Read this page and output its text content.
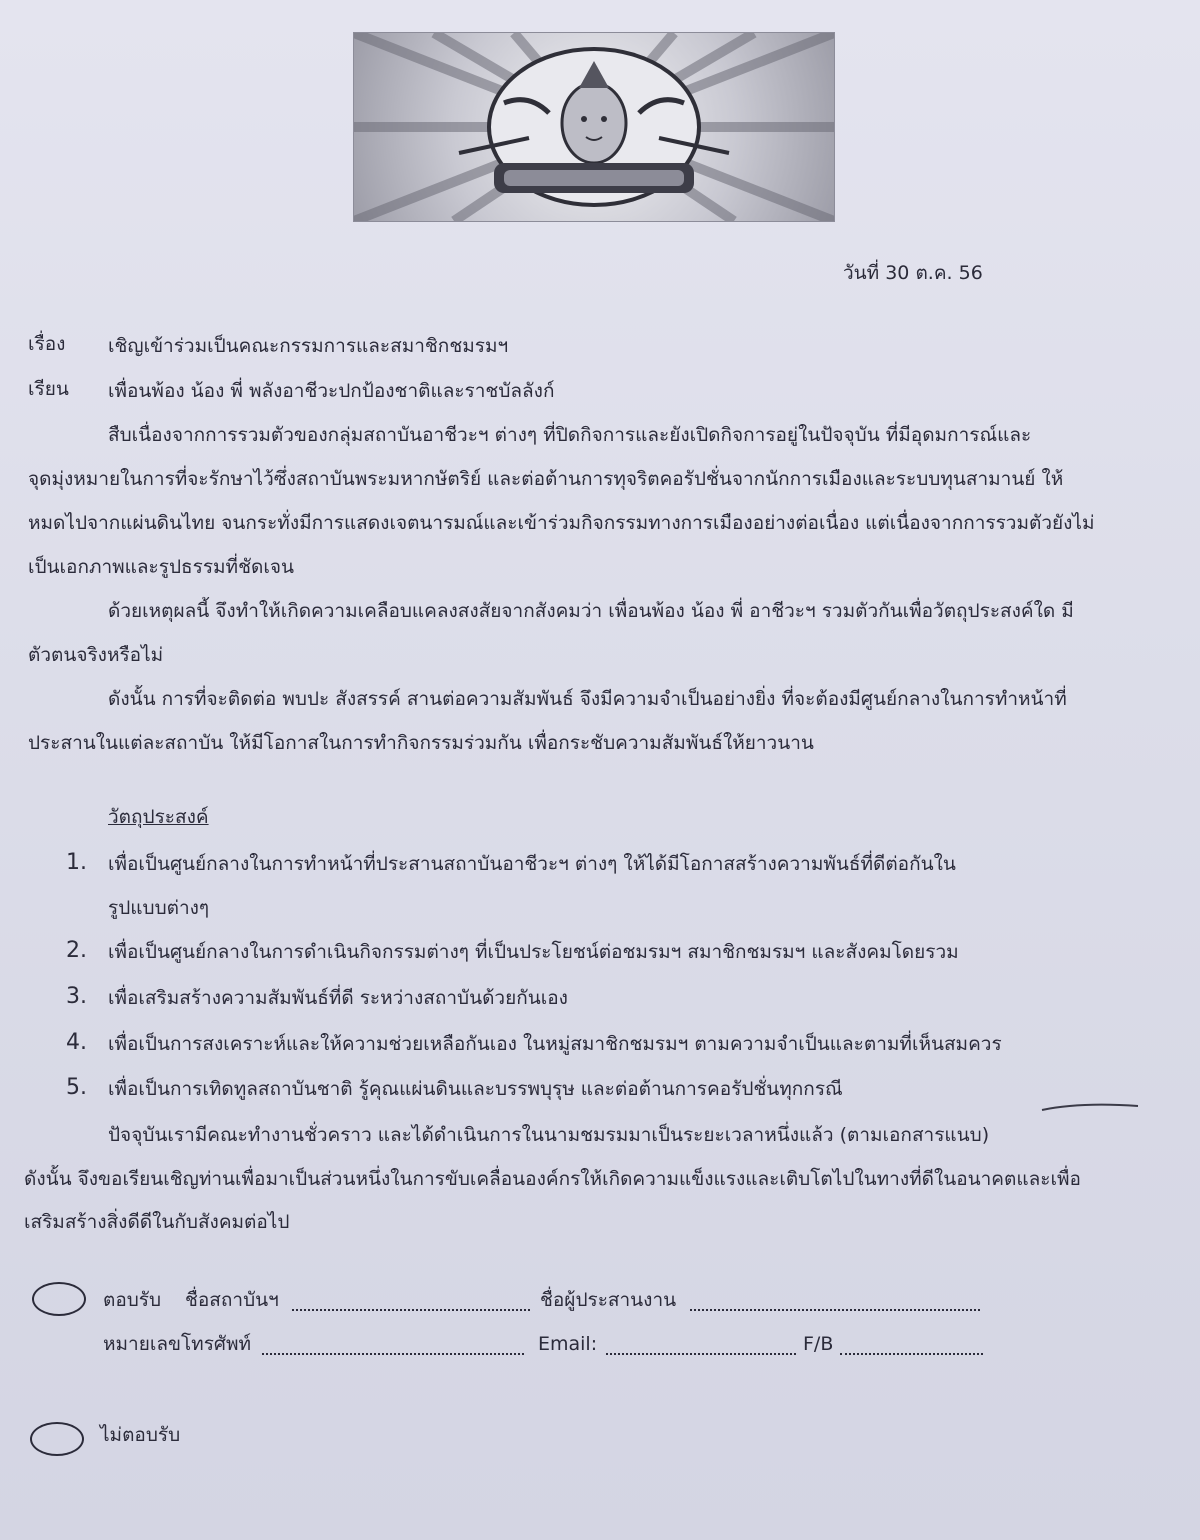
วันที่ 30 ต.ค. 56
เรื่อง เชิญเข้าร่วมเป็นคณะกรรมการและสมาชิกชมรมฯ
เรียน เพื่อนพ้อง น้อง พี่ พลังอาชีวะปกป้องชาติและราชบัลลังก์
สืบเนื่องจากการรวมตัวของกลุ่มสถาบันอาชีวะฯ ต่างๆ ที่ปิดกิจการและยังเปิดกิจการอยู่ในปัจจุบัน ที่มีอุดมการณ์และ
จุดมุ่งหมายในการที่จะรักษาไว้ซึ่งสถาบันพระมหากษัตริย์ และต่อต้านการทุจริตคอรัปชั่นจากนักการเมืองและระบบทุนสามานย์ ให้
หมดไปจากแผ่นดินไทย จนกระทั่งมีการแสดงเจตนารมณ์และเข้าร่วมกิจกรรมทางการเมืองอย่างต่อเนื่อง แต่เนื่องจากการรวมตัวยังไม่
เป็นเอกภาพและรูปธรรมที่ชัดเจน
ด้วยเหตุผลนี้ จึงทำให้เกิดความเคลือบแคลงสงสัยจากสังคมว่า เพื่อนพ้อง น้อง พี่ อาชีวะฯ รวมตัวกันเพื่อวัตถุประสงค์ใด มี
ตัวตนจริงหรือไม่
ดังนั้น การที่จะติดต่อ พบปะ สังสรรค์ สานต่อความสัมพันธ์ จึงมีความจำเป็นอย่างยิ่ง ที่จะต้องมีศูนย์กลางในการทำหน้าที่
ประสานในแต่ละสถาบัน ให้มีโอกาสในการทำกิจกรรมร่วมกัน เพื่อกระชับความสัมพันธ์ให้ยาวนาน
วัตถุประสงค์
1. เพื่อเป็นศูนย์กลางในการทำหน้าที่ประสานสถาบันอาชีวะฯ ต่างๆ ให้ได้มีโอกาสสร้างความพันธ์ที่ดีต่อกันใน
รูปแบบต่างๆ
2. เพื่อเป็นศูนย์กลางในการดำเนินกิจกรรมต่างๆ ที่เป็นประโยชน์ต่อชมรมฯ สมาชิกชมรมฯ และสังคมโดยรวม
3. เพื่อเสริมสร้างความสัมพันธ์ที่ดี ระหว่างสถาบันด้วยกันเอง
4. เพื่อเป็นการสงเคราะห์และให้ความช่วยเหลือกันเอง ในหมู่สมาชิกชมรมฯ ตามความจำเป็นและตามที่เห็นสมควร
5. เพื่อเป็นการเทิดทูลสถาบันชาติ รู้คุณแผ่นดินและบรรพบุรุษ และต่อต้านการคอรัปชั่นทุกกรณี
ปัจจุบันเรามีคณะทำงานชั่วคราว และได้ดำเนินการในนามชมรมมาเป็นระยะเวลาหนึ่งแล้ว (ตามเอกสารแนบ)
ดังนั้น จึงขอเรียนเชิญท่านเพื่อมาเป็นส่วนหนึ่งในการขับเคลื่อนองค์กรให้เกิดความแข็งแรงและเติบโตไปในทางที่ดีในอนาคตและเพื่อ
เสริมสร้างสิ่งดีดีในกับสังคมต่อไป
ตอบรับ ชื่อสถาบันฯ	ชื่อผู้ประสานงาน
หมายเลขโทรศัพท์	Email:	F/B
ไม่ตอบรับ
